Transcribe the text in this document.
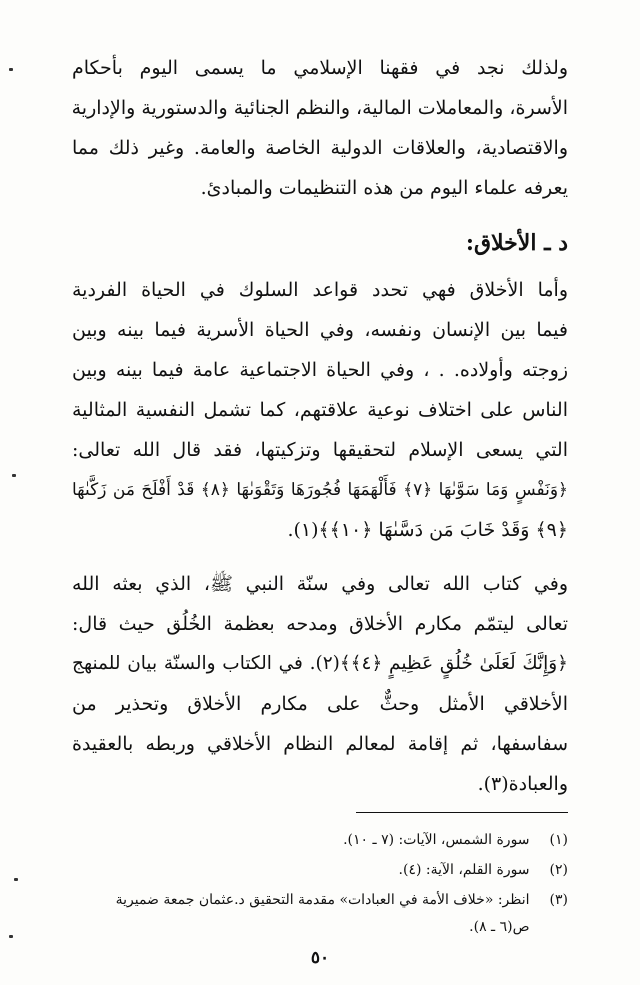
ولذلك نجد في فقهنا الإسلامي ما يسمى اليوم بأحكام
الأسرة، والمعاملات المالية، والنظم الجنائية والدستورية والإدارية
والاقتصادية، والعلاقات الدولية الخاصة والعامة. وغير ذلك مما
يعرفه علماء اليوم من هذه التنظيمات والمبادئ.
د ـ الأخلاق:
وأما الأخلاق فهي تحدد قواعد السلوك في الحياة الفردية
فيما بين الإنسان ونفسه، وفي الحياة الأسرية فيما بينه وبين
زوجته وأولاده. . ، وفي الحياة الاجتماعية عامة فيما بينه وبين
الناس على اختلاف نوعية علاقتهم، كما تشمل النفسية المثالية
التي يسعى الإسلام لتحقيقها وتزكيتها، فقد قال الله تعالى:
﴿وَنَفْسٍ وَمَا سَوَّىٰهَا ﴿٧﴾ فَأَلْهَمَهَا فُجُورَهَا وَتَقْوَىٰهَا ﴿٨﴾ قَدْ أَفْلَحَ مَن زَكَّىٰهَا
﴿٩﴾ وَقَدْ خَابَ مَن دَسَّىٰهَا ﴿١٠﴾﴾(١).
وفي كتاب الله تعالى وفي سنّة النبي ﷺ، الذي بعثه الله
تعالى ليتمّم مكارم الأخلاق ومدحه بعظمة الخُلُق حيث قال:
﴿وَإِنَّكَ لَعَلَىٰ خُلُقٍ عَظِيمٍ ﴿٤﴾﴾(٢). في الكتاب والسنّة بيان للمنهج
الأخلاقي الأمثل وحثٌّ على مكارم الأخلاق وتحذير من
سفاسفها، ثم إقامة لمعالم النظام الأخلاقي وربطه بالعقيدة
والعبادة(٣).
(١) سورة الشمس، الآيات: (٧ ـ ١٠).
(٢) سورة القلم، الآية: (٤).
(٣) انظر: «خلاف الأمة في العبادات» مقدمة التحقيق د.عثمان جمعة ضميرية
ص(٦ ـ ٨).
٥٠
